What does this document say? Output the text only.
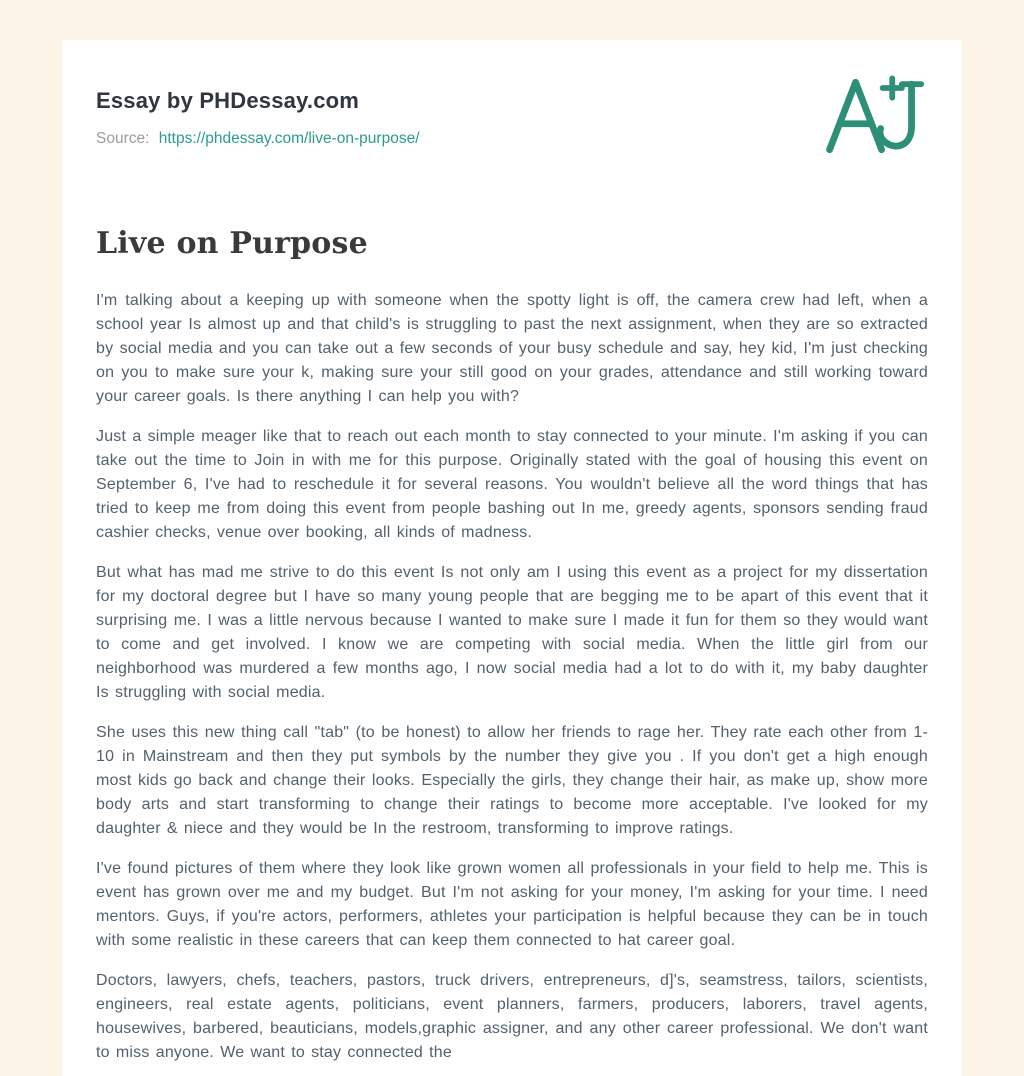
Essay by PHDessay.com
Source: https://phdessay.com/live-on-purpose/
Live on Purpose

I'm talking about a keeping up with someone when the spotty light is off, the camera crew had left, when a school year Is almost up and that child's is struggling to past the next assignment, when they are so extracted by social media and you can take out a few seconds of your busy schedule and say, hey kid, I'm just checking on you to make sure your k, making sure your still good on your grades, attendance and still working toward your career goals. Is there anything I can help you with?

Just a simple meager like that to reach out each month to stay connected to your minute. I'm asking if you can take out the time to Join in with me for this purpose. Originally stated with the goal of housing this event on September 6, I've had to reschedule it for several reasons. You wouldn't believe all the word things that has tried to keep me from doing this event from people bashing out In me, greedy agents, sponsors sending fraud cashier checks, venue over booking, all kinds of madness.

But what has mad me strive to do this event Is not only am I using this event as a project for my dissertation for my doctoral degree but I have so many young people that are begging me to be apart of this event that it surprising me. I was a little nervous because I wanted to make sure I made it fun for them so they would want to come and get involved. I know we are competing with social media. When the little girl from our neighborhood was murdered a few months ago, I now social media had a lot to do with it, my baby daughter Is struggling with social media.

She uses this new thing call "tab" (to be honest) to allow her friends to rage her. They rate each other from 1-10 in Mainstream and then they put symbols by the number they give you . If you don't get a high enough most kids go back and change their looks. Especially the girls, they change their hair, as make up, show more body arts and start transforming to change their ratings to become more acceptable. I've looked for my daughter & niece and they would be In the restroom, transforming to improve ratings.

I've found pictures of them where they look like grown women all professionals in your field to help me. This is event has grown over me and my budget. But I'm not asking for your money, I'm asking for your time. I need mentors. Guys, if you're actors, performers, athletes your participation is helpful because they can be in touch with some realistic in these careers that can keep them connected to hat career goal.

Doctors, lawyers, chefs, teachers, pastors, truck drivers, entrepreneurs, d]'s, seamstress, tailors, scientists, engineers, real estate agents, politicians, event planners, farmers, producers, laborers, travel agents, housewives, barbered, beauticians, models,graphic assigner, and any other career professional. We don't want to miss anyone. We want to stay connected the
